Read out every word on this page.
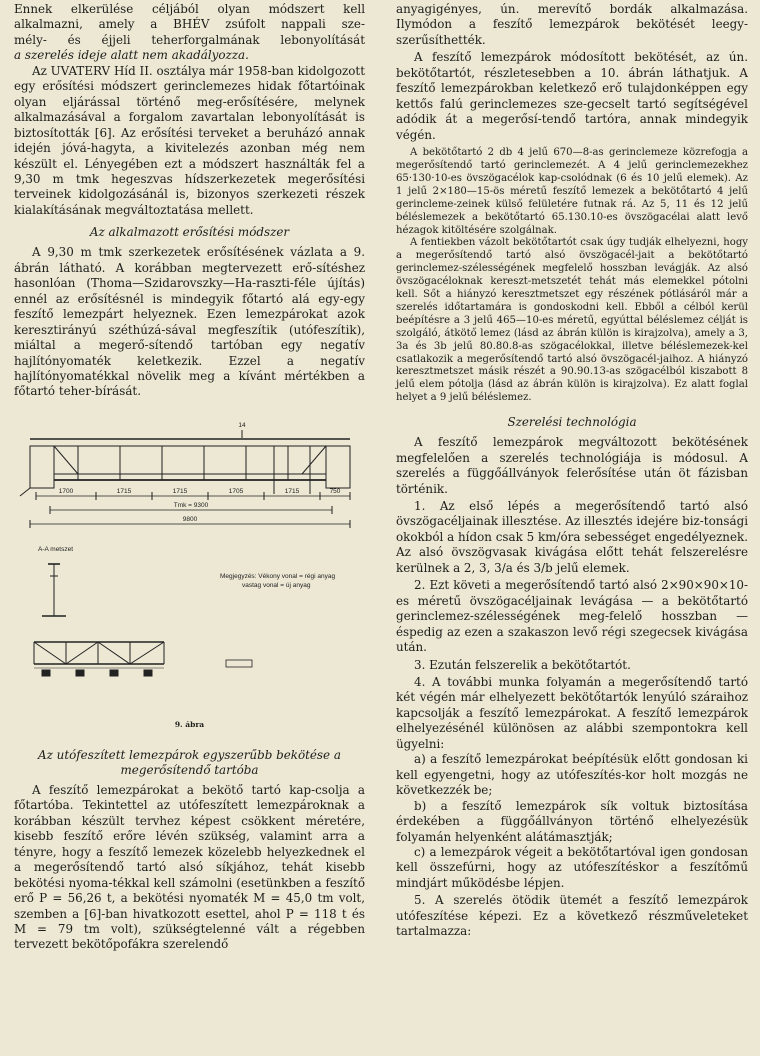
Ennek elkerülése céljából olyan módszert kell

alkalmazni, amely a BHÉV zsúfolt nappali sze-

mély- és éjjeli teherforgalmának lebonyolítását

a szerelés ideje alatt nem akadályozza.

Az UVATERV Híd II. osztálya már 1958-ban kidolgozott egy erősítési módszert gerinclemezes hidak főtartóinak olyan eljárással történő meg-erősítésére, melynek alkalmazásával a forgalom zavartalan lebonyolítását is biztosították [6]. Az erősítési terveket a beruházó annak idején jóvá-hagyta, a kivitelezés azonban még nem készült el. Lényegében ezt a módszert használták fel a 9,30 m tmk hegeszvas hídszerkezetek megerősítési terveinek kidolgozásánál is, bizonyos szerkezeti részek kialakításának megváltoztatása mellett.

Az alkalmazott erősítési módszer

A 9,30 m tmk szerkezetek erősítésének vázlata a 9. ábrán látható. A korábban megtervezett erő-sítéshez hasonlóan (Thoma—Szidarovszky—Ha-raszti-féle újítás) ennél az erősítésnél is mindegyik főtartó alá egy-egy feszítő lemezpárt helyeznek. Ezen lemezpárokat azok keresztirányú széthúzá-sával megfeszítik (utófeszítik), miáltal a megerő-sítendő tartóban egy negatív hajlítónyomaték keletkezik. Ezzel a negatív hajlítónyomatékkal növelik meg a kívánt mértékben a főtartó teher-bírását.

14
1700	1715	1715	1705	1715	750
Tmk = 9300
9800
A-A metszet
Megjegyzés: Vékony vonal = régi anyag
vastag vonal = új anyag
9. ábra
Az utófeszített lemezpárok egyszerűbb bekötése a megerősítendő tartóba

A feszítő lemezpárokat a bekötő tartó kap-csolja a főtartóba. Tekintettel az utófeszített lemezpároknak a korábban készült tervhez képest csökkent méretére, kisebb feszítő erőre lévén szükség, valamint arra a tényre, hogy a feszítő lemezek közelebb helyezkednek el a megerősítendő tartó alsó síkjához, tehát kisebb bekötési nyoma-tékkal kell számolni (esetünkben a feszítő erő P = 56,26 t, a bekötési nyomaték M = 45,0 tm volt, szemben a [6]-ban hivatkozott esettel, ahol P = 118 t és M = 79 tm volt), szükségtelenné vált a régebben tervezett bekötőpofákra szerelendő

anyagigényes, ún. merevítő bordák alkalmazása. Ilymódon a feszítő lemezpárok bekötését leegy-szerűsíthették.

A feszítő lemezpárok módosított bekötését, az ún. bekötőtartót, részletesebben a 10. ábrán láthatjuk. A feszítő lemezpárokban keletkező erő tulajdonképpen egy kettős falú gerinclemezes sze-gecselt tartó segítségével adódik át a megerősí-tendő tartóra, annak mindegyik végén.

A bekötőtartó 2 db 4 jelű 670—8-as gerinclemeze közrefogja a megerősítendő tartó gerinclemezét. A 4 jelű gerinclemezekhez 65·130·10-es övszögacélok kap-csolódnak (6 és 10 jelű elemek). Az 1 jelű 2×180—15-ös méretű feszítő lemezek a bekötőtartó 4 jelű gerincleme-zeinek külső felületére futnak rá. Az 5, 11 és 12 jelű béléslemezek a bekötőtartó 65.130.10-es övszögacélai alatt levő hézagok kitöltésére szolgálnak.

A fentiekben vázolt bekötőtartót csak úgy tudják elhelyezni, hogy a megerősítendő tartó alsó övszögacél-jait a bekötőtartó gerinclemez-szélességének megfelelő hosszban levágják. Az alsó övszögacéloknak kereszt-metszetét tehát más elemekkel pótolni kell. Sőt a hiányzó keresztmetszet egy részének pótlásáról már a szerelés időtartamára is gondoskodni kell. Ebből a célból kerül beépítésre a 3 jelű 465—10-es méretű, egyúttal béléslemez célját is szolgáló, átkötő lemez (lásd az ábrán külön is kirajzolva), amely a 3, 3a és 3b jelű 80.80.8-as szögacélokkal, illetve béléslemezek-kel csatlakozik a megerősítendő tartó alsó övszögacél-jaihoz. A hiányzó keresztmetszet másik részét a 90.90.13-as szögacélból kiszabott 8 jelű elem pótolja (lásd az ábrán külön is kirajzolva). Ez alatt foglal helyet a 9 jelű béléslemez.

Szerelési technológia

A feszítő lemezpárok megváltozott bekötésének megfelelően a szerelés technológiája is módosul. A szerelés a függőállványok felerősítése után öt fázisban történik.

1. Az első lépés a megerősítendő tartó alsó övszögacéljainak illesztése. Az illesztés idejére biz-tonsági okokból a hídon csak 5 km/óra sebességet engedélyeznek. Az alsó övszögvasak kivágása előtt tehát felszerelésre kerülnek a 2, 3, 3/a és 3/b jelű elemek.

2. Ezt követi a megerősítendő tartó alsó 2×90×90×10-es méretű övszögacéljainak levágása — a bekötőtartó gerinclemez-szélességének meg-felelő hosszban — éspedig az ezen a szakaszon levő régi szegecsek kivágása után.

3. Ezután felszerelik a bekötőtartót.

4. A további munka folyamán a megerősítendő tartó két végén már elhelyezett bekötőtartók lenyúló száraihoz kapcsolják a feszítő lemezpárokat. A feszítő lemezpárok elhelyezésénél különösen az alábbi szempontokra kell ügyelni:

a) a feszítő lemezpárokat beépítésük előtt gondosan ki kell egyengetni, hogy az utófeszítés-kor holt mozgás ne következzék be;

b) a feszítő lemezpárok sík voltuk biztosítása érdekében a függőállványon történő elhelyezésük folyamán helyenként alátámasztják;

c) a lemezpárok végeit a bekötőtartóval igen gondosan kell összefúrni, hogy az utófeszítéskor a feszítőmű mindjárt működésbe lépjen.

5. A szerelés ötödik ütemét a feszítő lemezpárok utófeszítése képezi. Ez a következő részműveleteket tartalmazza:
